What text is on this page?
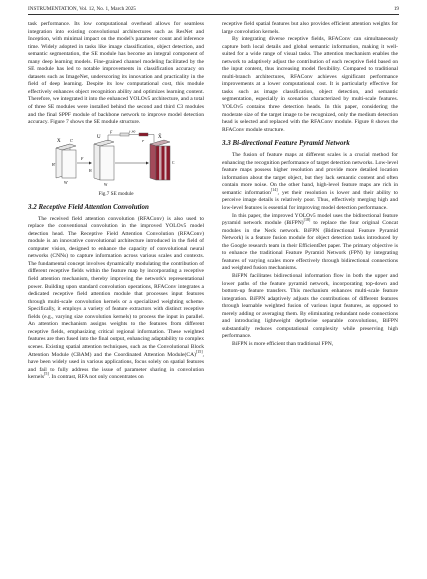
INSTRUMENTATION, Vol. 12, No. 1, March 2025	19

task performance. Its low computational overhead allows for seamless integration into existing convolutional architectures such as ResNet and Inception, with minimal impact on the model's parameter count and inference time. Widely adopted in tasks like image classification, object detection, and semantic segmentation, the SE module has become an integral component of many deep learning models. Fine-grained channel modeling facilitated by the SE module has led to notable improvements in classification accuracy on datasets such as ImageNet, underscoring its innovation and practicality in the field of deep learning. Despite its low computational cost, this module effectively enhances object recognition ability and optimizes learning content. Therefore, we integrated it into the enhanced YOLOv5 architecture, and a total of three SE modules were installed behind the second and third C3 modules and the final SPPF module of backbone network to improve model detection accuracy. Figure 7 shows the SE module structure.

X
H'
W'
C'
F
U
H
W
F	(·,W)
F
X̃
C
Fig.7 SE module
3.2 Receptive Field Attention Convolution

The received field attention convolution (RFAConv) is also used to replace the conventional convolution in the improved YOLOv5 model detection head. The Receptive Field Attention Convolution (RFAConv) module is an innovative convolutional architecture introduced in the field of computer vision, designed to enhance the capacity of convolutional neural networks (CNNs) to capture information across various scales and contexts. The fundamental concept involves dynamically modulating the contribution of different receptive fields within the feature map by incorporating a receptive field attention mechanism, thereby improving the network's representational power. Building upon standard convolution operations, RFAConv integrates a dedicated receptive field attention module that processes input features through multi-scale convolution kernels or a specialized weighting scheme. Specifically, it employs a variety of feature extractors with distinct receptive fields (e.g., varying size convolution kernels) to process the input in parallel. An attention mechanism assigns weights to the features from different receptive fields, emphasizing critical regional information. These weighted features are then fused into the final output, enhancing adaptability to complex scenes. Existing spatial attention techniques, such as the Convolutional Block Attention Module (CBAM) and the Coordinated Attention Module(CA)[15], have been widely used in various applications, focus solely on spatial features and fail to fully address the issue of parameter sharing in convolution kernels[5]. In contrast, RFA not only concentrates on

receptive field spatial features but also provides efficient attention weights for large convolution kernels.

By integrating diverse receptive fields, RFAConv can simultaneously capture both local details and global semantic information, making it well-suited for a wide range of visual tasks. The attention mechanism enables the network to adaptively adjust the contribution of each receptive field based on the input content, thus increasing model flexibility. Compared to traditional multi-branch architectures, RFAConv achieves significant performance improvements at a lower computational cost. It is particularly effective for tasks such as image classification, object detection, and semantic segmentation, especially in scenarios characterized by multi-scale features. YOLOv5 contains three detection heads. In this paper, considering the moderate size of the target image to be recognized, only the medium detection head is selected and replaced with the RFAConv module. Figure 8 shows the RFAConv module structure.

3.3 Bi-directional Feature Pyramid Network

The fusion of feature maps at different scales is a crucial method for enhancing the recognition performance of target detection networks. Low-level feature maps possess higher resolution and provide more detailed location information about the target object, but they lack semantic content and often contain more noise. On the other hand, high-level feature maps are rich in semantic information[14], yet their resolution is lower and their ability to perceive image details is relatively poor. Thus, effectively merging high and low-level features is essential for improving model detection performance.

In this paper, the improved YOLOv5 model uses the bidirectional feature pyramid network module (BiFPN)[18] to replace the four original Concat modules in the Neck network. BiFPN (Bidirectional Feature Pyramid Network) is a feature fusion module for object detection tasks introduced by the Google research team in their EfficientDet paper. The primary objective is to enhance the traditional Feature Pyramid Network (FPN) by integrating features of varying scales more effectively through bidirectional connections and weighted fusion mechanisms.

BiFPN facilitates bidirectional information flow in both the upper and lower paths of the feature pyramid network, incorporating top-down and bottom-up feature transfers. This mechanism enhances multi-scale feature integration. BiFPN adaptively adjusts the contributions of different features through learnable weighted fusion of various input features, as opposed to merely adding or averaging them. By eliminating redundant node connections and introducing lightweight depthwise separable convolutions, BiFPN substantially reduces computational complexity while preserving high performance.

BiFPN is more efficient than traditional FPN,
